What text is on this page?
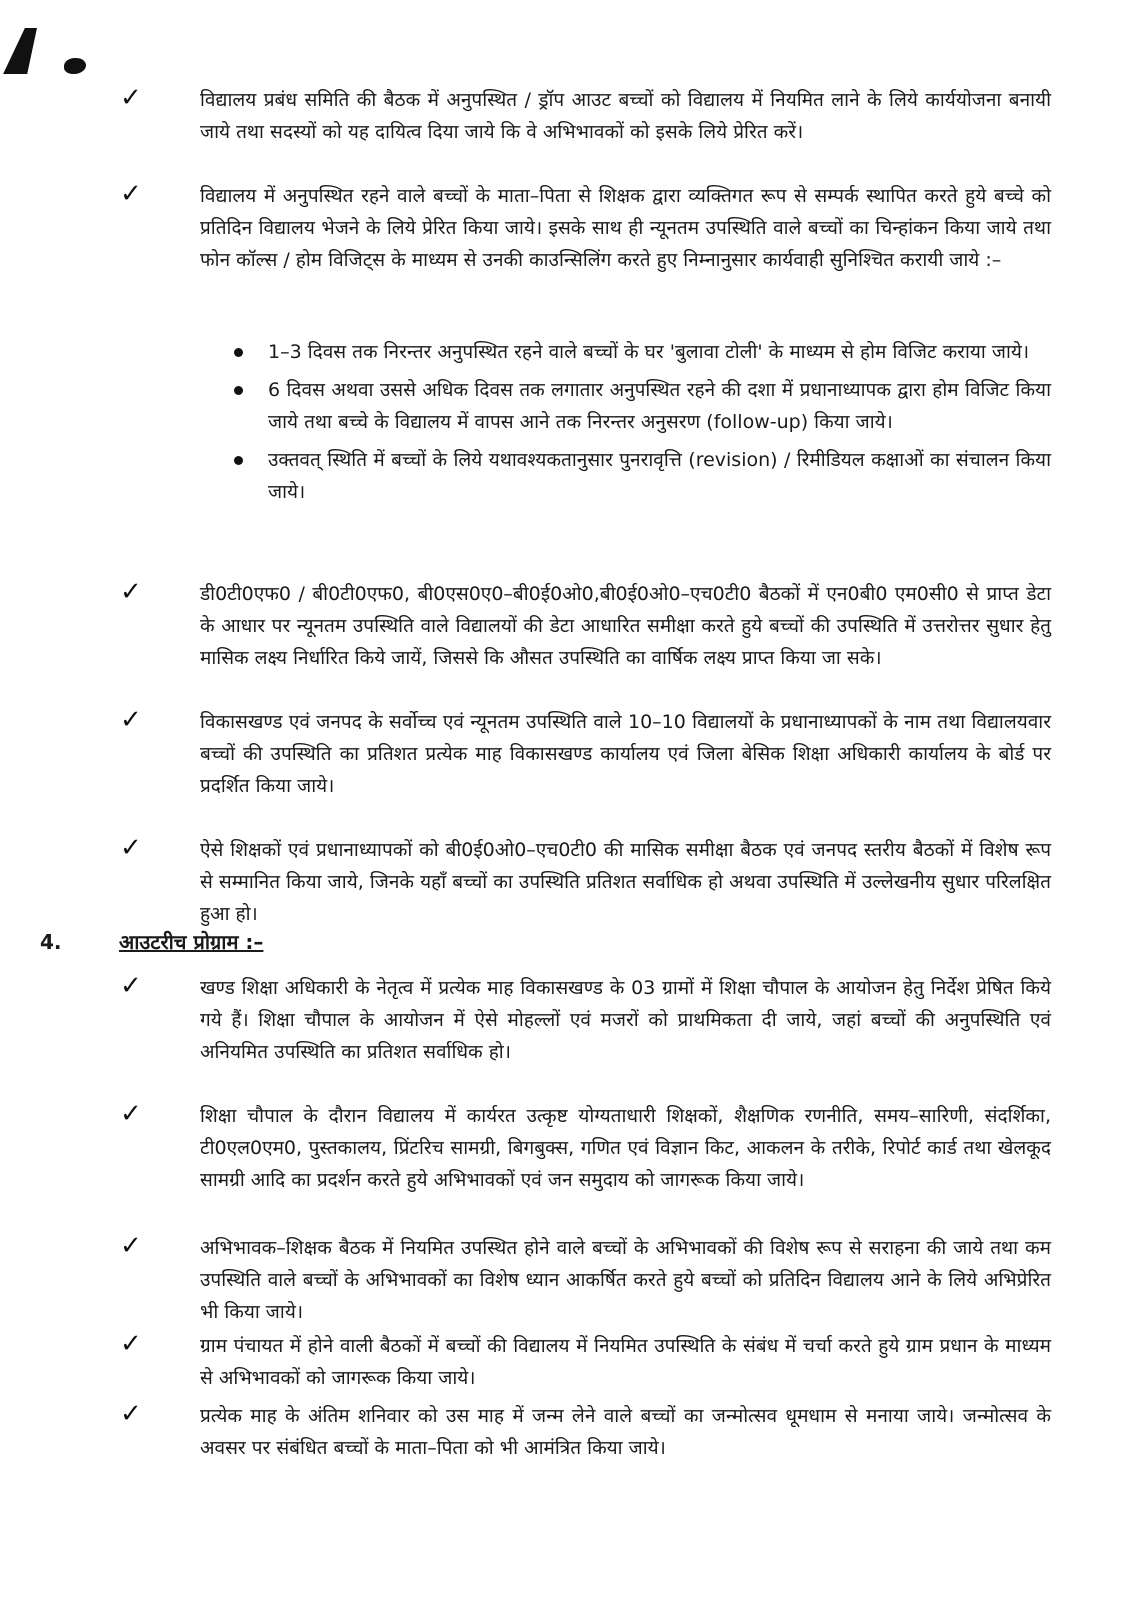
✓	विद्यालय प्रबंध समिति की बैठक में अनुपस्थित / ड्रॉप आउट बच्चों को विद्यालय में नियमित लाने के लिये कार्ययोजना बनायी जाये तथा सदस्यों को यह दायित्व दिया जाये कि वे अभिभावकों को इसके लिये प्रेरित करें।
✓	विद्यालय में अनुपस्थित रहने वाले बच्चों के माता–पिता से शिक्षक द्वारा व्यक्तिगत रूप से सम्पर्क स्थापित करते हुये बच्चे को प्रतिदिन विद्यालय भेजने के लिये प्रेरित किया जाये। इसके साथ ही न्यूनतम उपस्थिति वाले बच्चों का चिन्हांकन किया जाये तथा फोन कॉल्स / होम विजिट्स के माध्यम से उनकी काउन्सिलिंग करते हुए निम्नानुसार कार्यवाही सुनिश्चित करायी जाये :–
1–3 दिवस तक निरन्तर अनुपस्थित रहने वाले बच्चों के घर 'बुलावा टोली' के माध्यम से होम विजिट कराया जाये।
6 दिवस अथवा उससे अधिक दिवस तक लगातार अनुपस्थित रहने की दशा में प्रधानाध्यापक द्वारा होम विजिट किया जाये तथा बच्चे के विद्यालय में वापस आने तक निरन्तर अनुसरण (follow-up) किया जाये।
उक्तवत् स्थिति में बच्चों के लिये यथावश्यकतानुसार पुनरावृत्ति (revision) / रिमीडियल कक्षाओं का संचालन किया जाये।
✓	डी0टी0एफ0 / बी0टी0एफ0, बी0एस0ए0–बी0ई0ओ0,बी0ई0ओ0–एच0टी0 बैठकों में एन0बी0 एम0सी0 से प्राप्त डेटा के आधार पर न्यूनतम उपस्थिति वाले विद्यालयों की डेटा आधारित समीक्षा करते हुये बच्चों की उपस्थिति में उत्तरोत्तर सुधार हेतु मासिक लक्ष्य निर्धारित किये जायें, जिससे कि औसत उपस्थिति का वार्षिक लक्ष्य प्राप्त किया जा सके।
✓	विकासखण्ड एवं जनपद के सर्वोच्च एवं न्यूनतम उपस्थिति वाले 10–10 विद्यालयों के प्रधानाध्यापकों के नाम तथा विद्यालयवार बच्चों की उपस्थिति का प्रतिशत प्रत्येक माह विकासखण्ड कार्यालय एवं जिला बेसिक शिक्षा अधिकारी कार्यालय के बोर्ड पर प्रदर्शित किया जाये।
✓	ऐसे शिक्षकों एवं प्रधानाध्यापकों को बी0ई0ओ0–एच0टी0 की मासिक समीक्षा बैठक एवं जनपद स्तरीय बैठकों में विशेष रूप से सम्मानित किया जाये, जिनके यहाँ बच्चों का उपस्थिति प्रतिशत सर्वाधिक हो अथवा उपस्थिति में उल्लेखनीय सुधार परिलक्षित हुआ हो।
4.	आउटरीच प्रोग्राम :–
✓	खण्ड शिक्षा अधिकारी के नेतृत्व में प्रत्येक माह विकासखण्ड के 03 ग्रामों में शिक्षा चौपाल के आयोजन हेतु निर्देश प्रेषित किये गये हैं। शिक्षा चौपाल के आयोजन में ऐसे मोहल्लों एवं मजरों को प्राथमिकता दी जाये, जहां बच्चों की अनुपस्थिति एवं अनियमित उपस्थिति का प्रतिशत सर्वाधिक हो।
✓	शिक्षा चौपाल के दौरान विद्यालय में कार्यरत उत्कृष्ट योग्यताधारी शिक्षकों, शैक्षणिक रणनीति, समय–सारिणी, संदर्शिका, टी0एल0एम0, पुस्तकालय, प्रिंटरिच सामग्री, बिगबुक्स, गणित एवं विज्ञान किट, आकलन के तरीके, रिपोर्ट कार्ड तथा खेलकूद सामग्री आदि का प्रदर्शन करते हुये अभिभावकों एवं जन समुदाय को जागरूक किया जाये।
✓	अभिभावक–शिक्षक बैठक में नियमित उपस्थित होने वाले बच्चों के अभिभावकों की विशेष रूप से सराहना की जाये तथा कम उपस्थिति वाले बच्चों के अभिभावकों का विशेष ध्यान आकर्षित करते हुये बच्चों को प्रतिदिन विद्यालय आने के लिये अभिप्रेरित भी किया जाये।
✓	ग्राम पंचायत में होने वाली बैठकों में बच्चों की विद्यालय में नियमित उपस्थिति के संबंध में चर्चा करते हुये ग्राम प्रधान के माध्यम से अभिभावकों को जागरूक किया जाये।
✓	प्रत्येक माह के अंतिम शनिवार को उस माह में जन्म लेने वाले बच्चों का जन्मोत्सव धूमधाम से मनाया जाये। जन्मोत्सव के अवसर पर संबंधित बच्चों के माता–पिता को भी आमंत्रित किया जाये।
